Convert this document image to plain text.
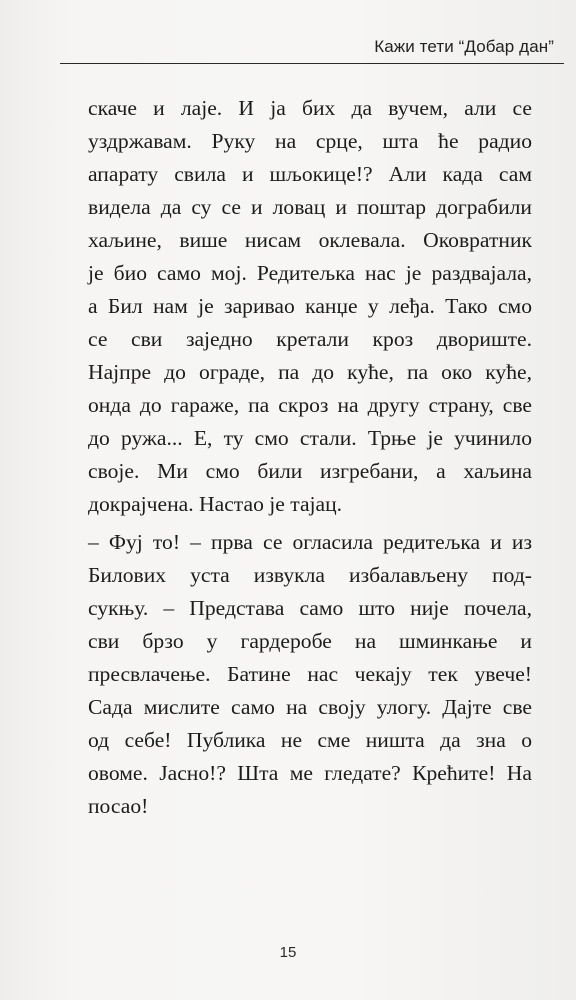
Кажи тети “Добар дан”

скаче и лаје. И ја бих да вучем, али се
уздржавам. Руку на срце, шта ће радио
апарату свила и шљокице!? Али када сам
видела да су се и ловац и поштар дограбили
хаљине, више нисам оклевала. Оковратник
је био само мој. Редитељка нас је раздвајала,
а Бил нам је заривао канџе у леђа. Тако смо
се сви заједно кретали кроз двориште.
Најпре до ограде, па до куће, па око куће,
онда до гараже, па скроз на другу страну, све
до ружа... Е, ту смо стали. Трње је учинило
своје. Ми смо били изгребани, а хаљина
докрајчена. Настао је тајац.

– Фуј то! – прва се огласила редитељка и из
Билових уста извукла избалављену под-
сукњу. – Представа само што није почела,
сви брзо у гардеробе на шминкање и
пресвлачење. Батине нас чекају тек увече!
Сада мислите само на своју улогу. Дајте све
од себе! Публика не сме ништа да зна о
овоме. Јасно!? Шта ме гледате? Крећите! На
посао!

15
